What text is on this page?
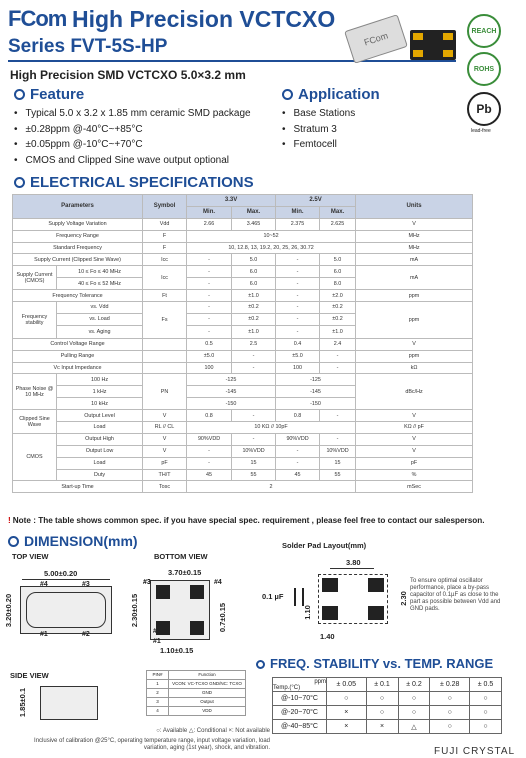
FCom High Precision VCTCXO
Series FVT-5S-HP
High Precision SMD VCTCXO 5.0×3.2 mm
FCom	REACH
ROHS
Pb
lead-free
Feature
• Typical 5.0 x 3.2 x 1.85 mm ceramic SMD package
• ±0.28ppm @-40°C~+85°C
• ±0.05ppm @-10°C~+70°C
• CMOS and Clipped Sine wave output optional
Application
• Base Stations
• Stratum 3
• Femtocell
ELECTRICAL SPECIFICATIONS
Parameters		Symbol	3.3V		2.5V		Units	
			Min.	Max.	Min.	Max.		
Supply Voltage Variation		Vdd	2.66	3.465	2.375	2.625	V	
Frequency Range		F	10~52				MHz	
Standard Frequency		F	10, 12.8, 13, 19.2, 20, 25, 26, 30.72				MHz	
Supply Current (Clipped Sine Wave)		Icc	-	5.0	-	5.0	mA	
Supply Current (CMOS)	10 ≤ Fo ≤ 40 MHz	Icc	-	6.0	-	6.0	mA	
	40 ≤ Fo ≤ 52 MHz		-	6.0	-	8.0		
Frequency Tolerance		Ft	-	±1.0	-	±2.0	ppm	
Frequency stability	vs. Vdd	Fs	-	±0.2	-	±0.2	ppm	
	vs. Load		-	±0.2	-	±0.2	
	vs. Aging		-	±1.0	-	±1.0	
Control Voltage Range			0.5	2.5	0.4	2.4	V	
Pulling Range			±5.0	-	±5.0	-	ppm	
Vc Input Impedance			100	-	100	-	kΩ	
Phase Noise @ 10 MHz	100 Hz	PN	-125		-125		dBc/Hz	
	1 kHz		-145		-145			
	10 kHz		-150		-150			
Clipped Sine Wave	Output Level	V	0.8	-	0.8	-	V	
	Load	RL // CL	10 KΩ // 10pF				KΩ // pF	
CMOS	Output High	V	90%VDD	-	90%VDD	-	V	
	Output Low	V	-	10%VDD	-	10%VDD	V	
	Load	pF	-	15	-	15	pF	
	Duty	TH/T	45	55	45	55	%	
Start-up Time		Tosc	2				mSec	
! Note : The table shows common spec. if you have special spec. requirement , please feel free to contact our salesperson.
DIMENSION(mm)
TOP VIEW	BOTTOM VIEW
Solder Pad Layout(mm)
5.00±0.20
#4	#3
#1	#2
3.20±0.20
3.70±0.15
#3	#4
#2
#1
2.30±0.15	0.7±0.15
1.10±0.15
3.80
2.30
1.10
1.40
0.1 µF
To ensure optimal oscillator performance, place a by-pass capacitor of 0.1µF as close to the part as possible between Vdd and GND pads.
SIDE VIEW
1.85±0.1
PIN#	Function
1	VCON: VC-TCXO GND/NC: TCXO
2	GND
3	Output
4	VDD
FREQ. STABILITY vs. TEMP. RANGE
ppm
Temp.(°C)	± 0.05	± 0.1	± 0.2	± 0.28	± 0.5
@-10~70°C	○	○	○	○	○
@-20~70°C	×	○	○	○	○
@-40~85°C	×	×	△	○	○
○: Available △: Conditional ×: Not available
Inclusive of calibration @25°C, operating temperature range, input voltage variation, load variation, aging (1st year), shock, and vibration.	FUJI CRYSTAL
